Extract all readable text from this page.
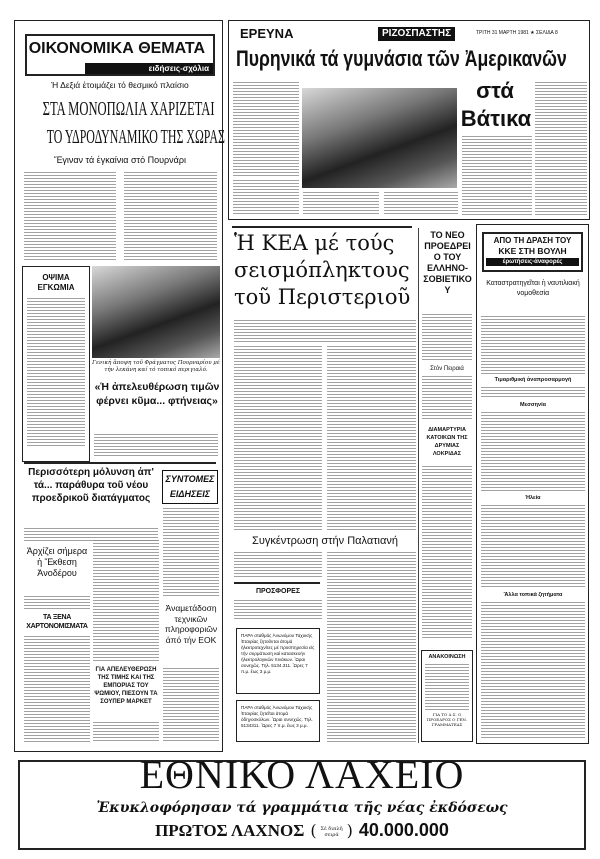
ΟΙΚΟΝΟΜΙΚΑ ΘΕΜΑΤΑ
ειδήσεις-σχόλια
Ἡ Δεξιά ἑτοιμάζει τό θεσμικό πλαίσιο
ΣΤΑ ΜΟΝΟΠΩΛΙΑ ΧΑΡΙΖΕΤΑΙ
ΤΟ ΥΔΡΟΔΥΝΑΜΙΚΟ ΤΗΣ ΧΩΡΑΣ
Ἔγιναν τά ἐγκαίνια στό Πουρνάρι
ΟΨΙΜΑ ΕΓΚΩΜΙΑ
Γενική ἄποψη τοῦ Φράγματος Πουρναρίου μέ τήν λεκάνη καί τό τοπικό περιγιαλό.
«Ἡ ἀπελευθέρωση τιμῶν φέρνει κῦμα... φτήνειας»
Περισσότερη μόλυνση ἀπ' τά... παράθυρα τοῦ νέου προεδρικοῦ διατάγματος
ΣΥΝΤΟΜΕΣ ΕΙΔΗΣΕΙΣ
Ἀρχίζει σήμερα ἡ Ἔκθεση Ἀνοδέρου
ΤΑ ΞΕΝΑ ΧΑΡΤΟΝΟΜΙΣΜΑΤΑ
ΓΙΑ ΑΠΕΛΕΥΘΕΡΩΣΗ ΤΗΣ ΤΙΜΗΣ ΚΑΙ ΤΗΣ ΕΜΠΟΡΙΑΣ ΤΟΥ ΨΩΜΙΟΥ, ΠΙΕΣΟΥΝ ΤΑ ΣΟΥΠΕΡ ΜΑΡΚΕΤ
Ἀναμετάδοση τεχνικῶν πληροφοριῶν ἀπό τήν ΕΟΚ
ΕΡΕΥΝΑ	ΡΙΖΟΣΠΑΣΤΗΣ	ΤΡΙΤΗ 31 ΜΑΡΤΗ 1981 ★ ΣΕΛΙΔΑ 8
Πυρηνικά τά γυμνάσια τῶν Ἀμερικανῶν
στά
Βάτικα
Ἡ ΚΕΑ μέ τούς σεισμόπληκτους τοῦ Περιστεριοῦ
Συγκέντρωση στήν Παλατιανή
ΠΡΟΣΦΟΡΕΣ
ΠΑΡΑ σταθμός Ἀνωνύμου Ταχυκής Ἑταιρίας ζητοῦνται ἀτομά ἠλεκτροτεχνίτες μέ προϋπηρεσία εἰς τήν συρμάτωση καί κατασκευήν ἠλεκτρολογικῶν πινάκων. Ὥραι συνεχῶς. Τηλ. 5134.311. Ὥρες 7 π.μ. ἕως 3 μ.μ.
ΠΑΡΑ σταθμός Ἀνωνύμου Ταχυκής Ἑταιρίας ζητεῖται ἀτομά ὁδηγοσκύλων. Ὥραι συνεχῶς. Τηλ. 5134311. Ὥρες 7 π.μ. ἕως 3 μ.μ.
ΤΟ ΝΕΟ ΠΡΟΕΔΡΕΙΟ ΤΟΥ ΕΛΛΗΝΟ-ΣΟΒΙΕΤΙΚΟΥ
Στόν Πειραιά
ΔΙΑΜΑΡΤΥΡΙΑ ΚΑΤΟΙΚΩΝ ΤΗΣ ΔΡΥΜΙΑΣ ΛΟΚΡΙΔΑΣ
ΑΝΑΚΟΙΝΩΣΗ
ΓΙΑ ΤΟ Δ.Σ. Ο ΠΡΟΕΔΡΟΣ Ο ΓΕΝ. ΓΡΑΜΜΑΤΕΑΣ
ΑΠΟ ΤΗ ΔΡΑΣΗ ΤΟΥ
ΚΚΕ ΣΤΗ ΒΟΥΛΗ
ἐρωτήσεις-ἀναφορές
Καταστρατηγεῖται ἡ ναυτιλιακή νομοθεσία
Τιμαριθμική ἀναπροσαρμογή
Μεσσηνία
Ἠλεία
Ἄλλα τοπικά ζητήματα
ΕΘΝΙΚΟ ΛΑΧΕΙΟ
Ἐκυκλοφόρησαν τά γραμμάτια τῆς νέας ἐκδόσεως
ΠΡΩΤΟΣ ΛΑΧΝΟΣ ( Σέ διπλῆ σειρά ) 40.000.000
